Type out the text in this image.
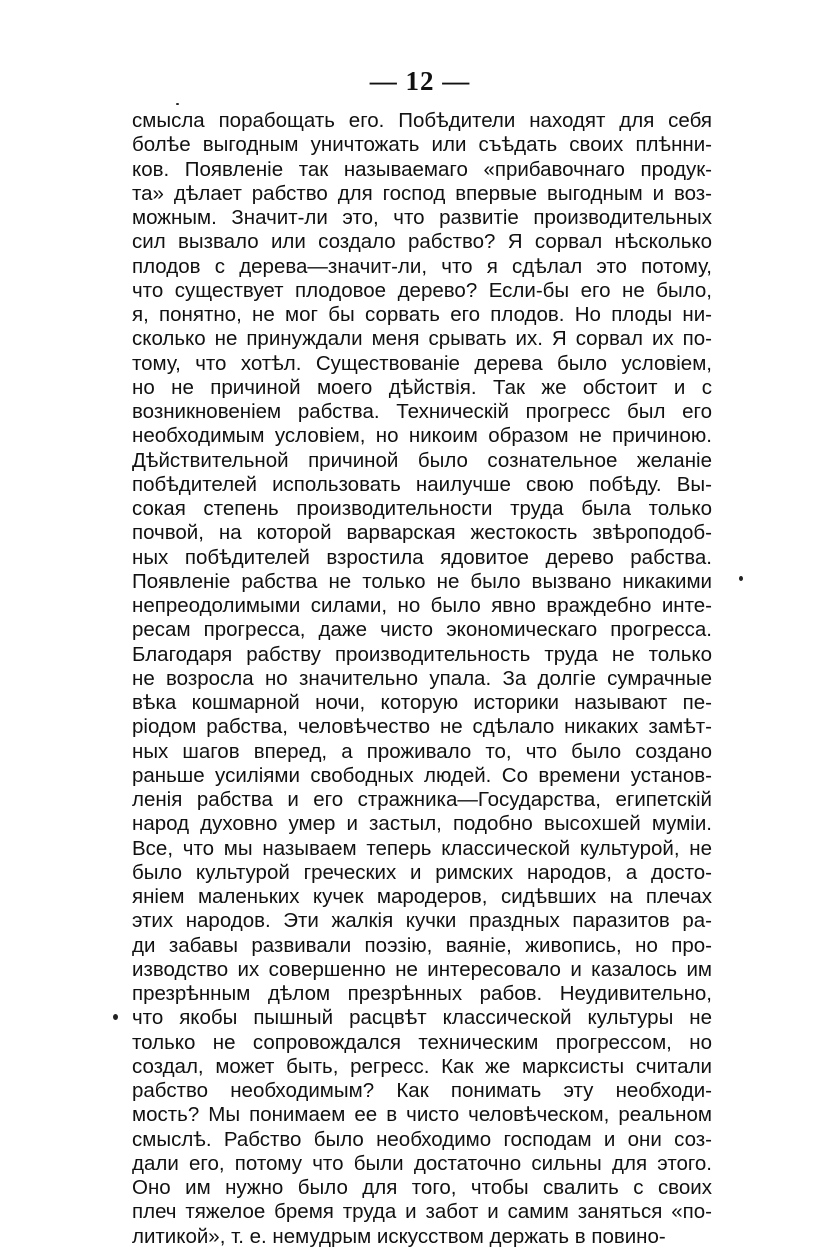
— 12 —
смысла порабощать его. Побѣдители находят для себя
болѣе выгодным уничтожать или съѣдать своих плѣнни-
ков. Появленіе так называемаго «прибавочнаго продук-
та» дѣлает рабство для господ впервые выгодным и воз-
можным. Значит-ли это, что развитіе производительных
сил вызвало или создало рабство? Я сорвал нѣсколько
плодов с дерева—значит-ли, что я сдѣлал это потому,
что существует плодовое дерево? Если-бы его не было,
я, понятно, не мог бы сорвать его плодов. Но плоды ни-
сколько не принуждали меня срывать их. Я сорвал их по-
тому, что хотѣл. Существованіе дерева было условіем,
но не причиной моего дѣйствія. Так же обстоит и с
возникновеніем рабства. Техническій прогресс был его
необходимым условіем, но никоим образом не причиною.
Дѣйствительной причиной было сознательное желаніе
побѣдителей использовать наилучше свою побѣду. Вы-
сокая степень производительности труда была только
почвой, на которой варварская жестокость звѣроподоб-
ных побѣдителей взростила ядовитое дерево рабства.
Появленіе рабства не только не было вызвано никакими
непреодолимыми силами, но было явно враждебно инте-
ресам прогресса, даже чисто экономическаго прогресса.
Благодаря рабству производительность труда не только
не возросла но значительно упала. За долгіе сумрачные
вѣка кошмарной ночи, которую историки называют пе-
ріодом рабства, человѣчество не сдѣлало никаких замѣт-
ных шагов вперед, а проживало то, что было создано
раньше усиліями свободных людей. Со времени установ-
ленія рабства и его стражника—Государства, египетскій
народ духовно умер и застыл, подобно высохшей муміи.
Все, что мы называем теперь классической культурой, не
было культурой греческих и римских народов, а досто-
яніем маленьких кучек мародеров, сидѣвших на плечах
этих народов. Эти жалкія кучки праздных паразитов ра-
ди забавы развивали поэзію, ваяніе, живопись, но про-
изводство их совершенно не интересовало и казалось им
презрѣнным дѣлом презрѣнных рабов. Неудивительно,
что якобы пышный расцвѣт классической культуры не
только не сопровождался техническим прогрессом, но
создал, может быть, регресс. Как же марксисты считали
рабство необходимым? Как понимать эту необходи-
мость? Мы понимаем ее в чисто человѣческом, реальном
смыслѣ. Рабство было необходимо господам и они соз-
дали его, потому что были достаточно сильны для этого.
Оно им нужно было для того, чтобы свалить с своих
плеч тяжелое бремя труда и забот и самим заняться «по-
литикой», т. е. немудрым искусством держать в повино-
